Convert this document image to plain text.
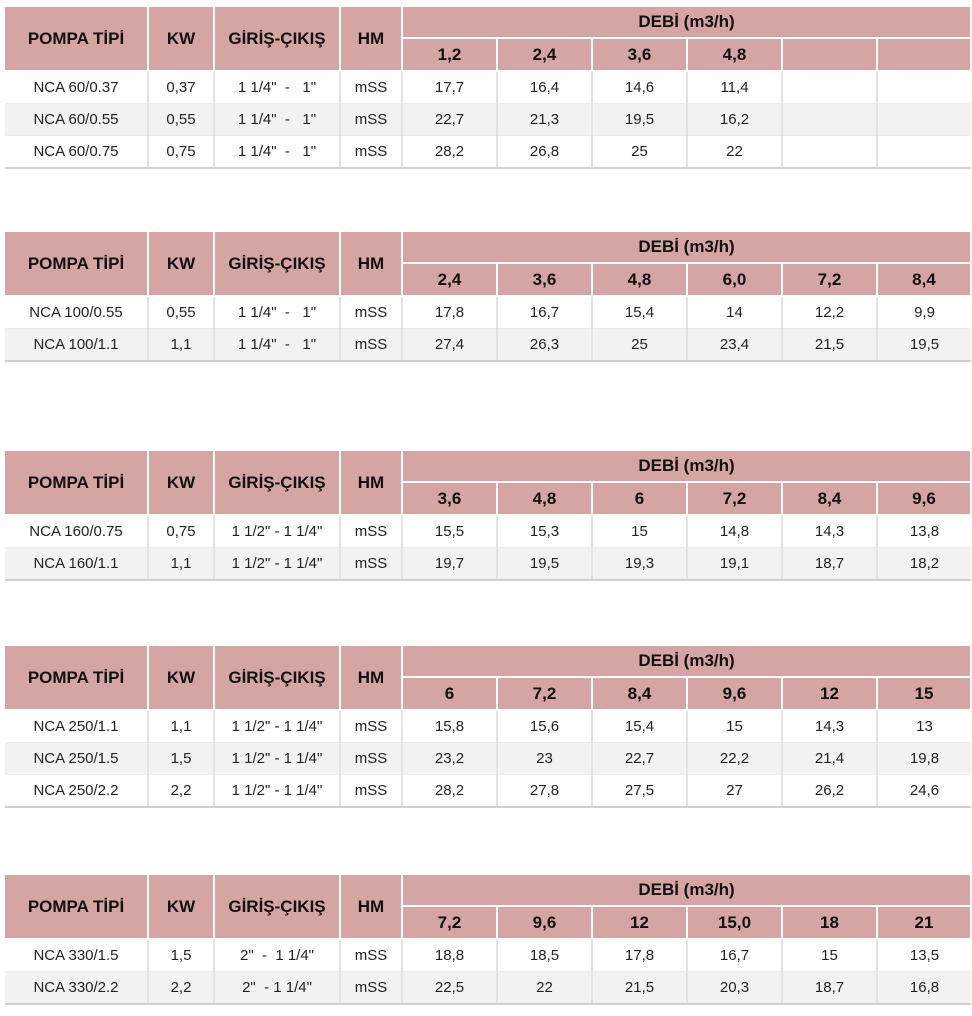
POMPA TİPİ	KW	GİRİŞ-ÇIKIŞ	HM	DEBİ (m3/h)					
				1,2	2,4	3,6	4,8		
NCA 60/0.37	0,37	1 1/4"  -   1"	mSS	17,7	16,4	14,6	11,4		
NCA 60/0.55	0,55	1 1/4"  -   1"	mSS	22,7	21,3	19,5	16,2		
NCA 60/0.75	0,75	1 1/4"  -   1"	mSS	28,2	26,8	25	22		
POMPA TİPİ	KW	GİRİŞ-ÇIKIŞ	HM	DEBİ (m3/h)					
				2,4	3,6	4,8	6,0	7,2	8,4
NCA 100/0.55	0,55	1 1/4"  -   1"	mSS	17,8	16,7	15,4	14	12,2	9,9
NCA 100/1.1	1,1	1 1/4"  -   1"	mSS	27,4	26,3	25	23,4	21,5	19,5
POMPA TİPİ	KW	GİRİŞ-ÇIKIŞ	HM	DEBİ (m3/h)					
				3,6	4,8	6	7,2	8,4	9,6
NCA 160/0.75	0,75	1 1/2" - 1 1/4"	mSS	15,5	15,3	15	14,8	14,3	13,8
NCA 160/1.1	1,1	1 1/2" - 1 1/4"	mSS	19,7	19,5	19,3	19,1	18,7	18,2
POMPA TİPİ	KW	GİRİŞ-ÇIKIŞ	HM	DEBİ (m3/h)					
				6	7,2	8,4	9,6	12	15
NCA 250/1.1	1,1	1 1/2" - 1 1/4"	mSS	15,8	15,6	15,4	15	14,3	13
NCA 250/1.5	1,5	1 1/2" - 1 1/4"	mSS	23,2	23	22,7	22,2	21,4	19,8
NCA 250/2.2	2,2	1 1/2" - 1 1/4"	mSS	28,2	27,8	27,5	27	26,2	24,6
POMPA TİPİ	KW	GİRİŞ-ÇIKIŞ	HM	DEBİ (m3/h)					
				7,2	9,6	12	15,0	18	21
NCA 330/1.5	1,5	2"  -  1 1/4"	mSS	18,8	18,5	17,8	16,7	15	13,5
NCA 330/2.2	2,2	2"  - 1 1/4"	mSS	22,5	22	21,5	20,3	18,7	16,8
